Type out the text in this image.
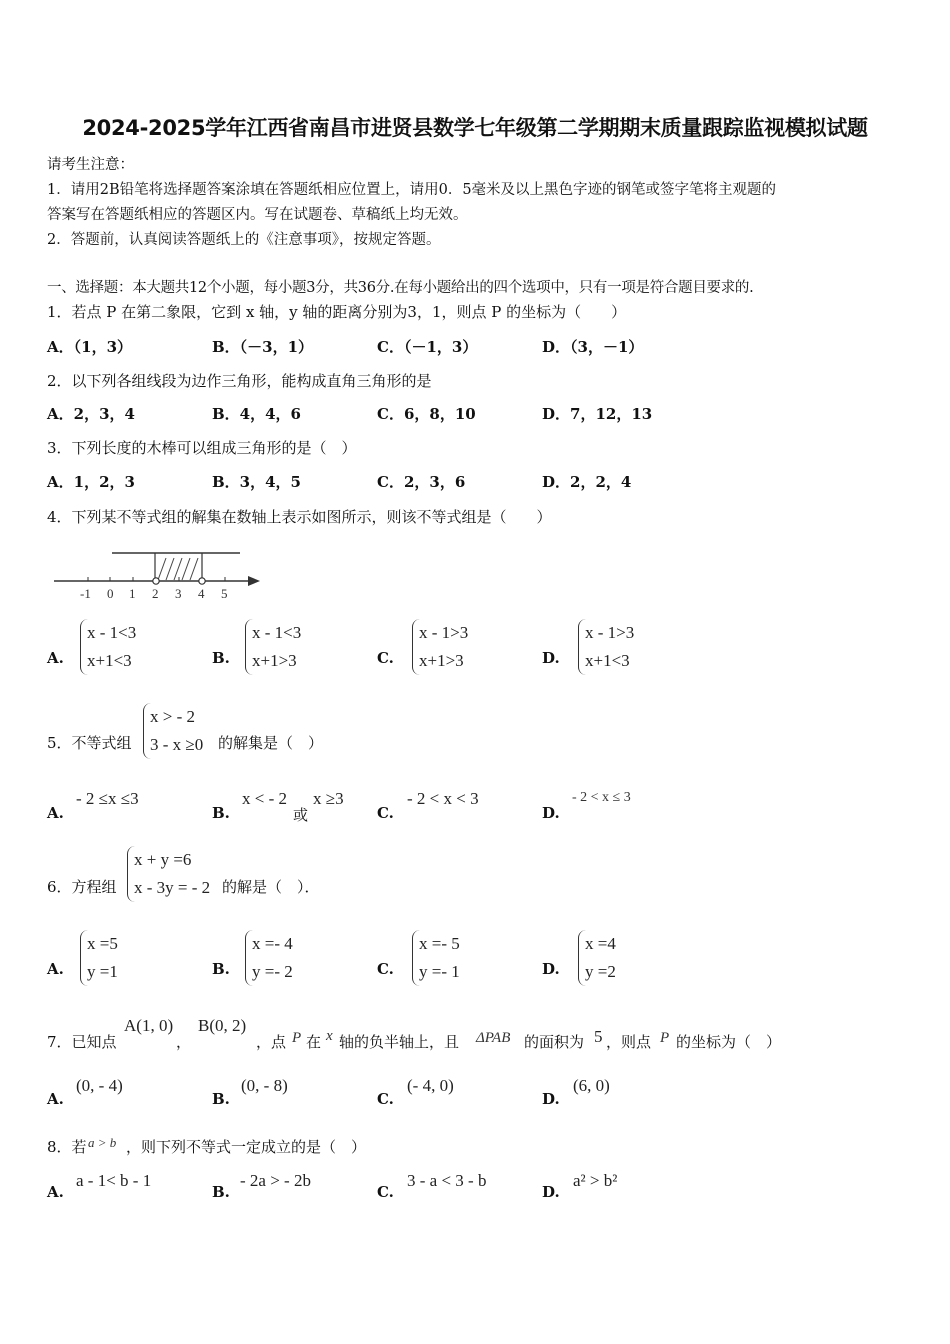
2024-2025学年江西省南昌市进贤县数学七年级第二学期期末质量跟踪监视模拟试题
请考生注意：
1．请用2B铅笔将选择题答案涂填在答题纸相应位置上，请用0．5毫米及以上黑色字迹的钢笔或签字笔将主观题的
答案写在答题纸相应的答题区内。写在试题卷、草稿纸上均无效。
2．答题前，认真阅读答题纸上的《注意事项》，按规定答题。
一、选择题：本大题共12个小题，每小题3分，共36分.在每小题给出的四个选项中，只有一项是符合题目要求的.
1．若点 P 在第二象限，它到 x 轴，y 轴的距离分别为3，1，则点 P 的坐标为（　　）
A．（1，3）	B．（－3，1）	C．（－1，3）	D．（3，－1）
2．以下列各组线段为边作三角形，能构成直角三角形的是
A．2，3，4	B．4，4，6	C．6，8，10	D．7，12，13
3．下列长度的木棒可以组成三角形的是（　）
A．1，2，3	B．3，4，5	C．2，3，6	D．2，2，4
4．下列某不等式组的解集在数轴上表示如图所示，则该不等式组是（　　）
-1 0 1 2 3 4 5
A.
x - 1<3
x+1<3	B.
x - 1<3
x+1>3	C.
x - 1>3
x+1>3	D.
x - 1>3
x+1<3
5．不等式组
x > - 2
3 - x ≥0 的解集是（　）
A.
- 2 ≤x ≤3
B.
x < - 2
或
x ≥3
C.
- 2 < x < 3
D.
- 2 < x ≤ 3
6．方程组
x + y =6
x - 3y = - 2 的解是（　）．
A.
x =5
y =1	B.
x =- 4
y =- 2	C.
x =- 5
y =- 1	D.
x =4
y =2
7．已知点
A(1, 0)
，
B(0, 2)
，点 P 在 x 轴的负半轴上，且 ΔPAB 的面积为 5 ，则点 P 的坐标为（　）
A.
(0, - 4)
B.
(0, - 8)
C.
(- 4, 0)
D.
(6, 0)
8．若 a > b ，则下列不等式一定成立的是（　）
A.
a - 1< b - 1
B.
- 2a > - 2b
C.
3 - a < 3 - b
D.
a² > b²
